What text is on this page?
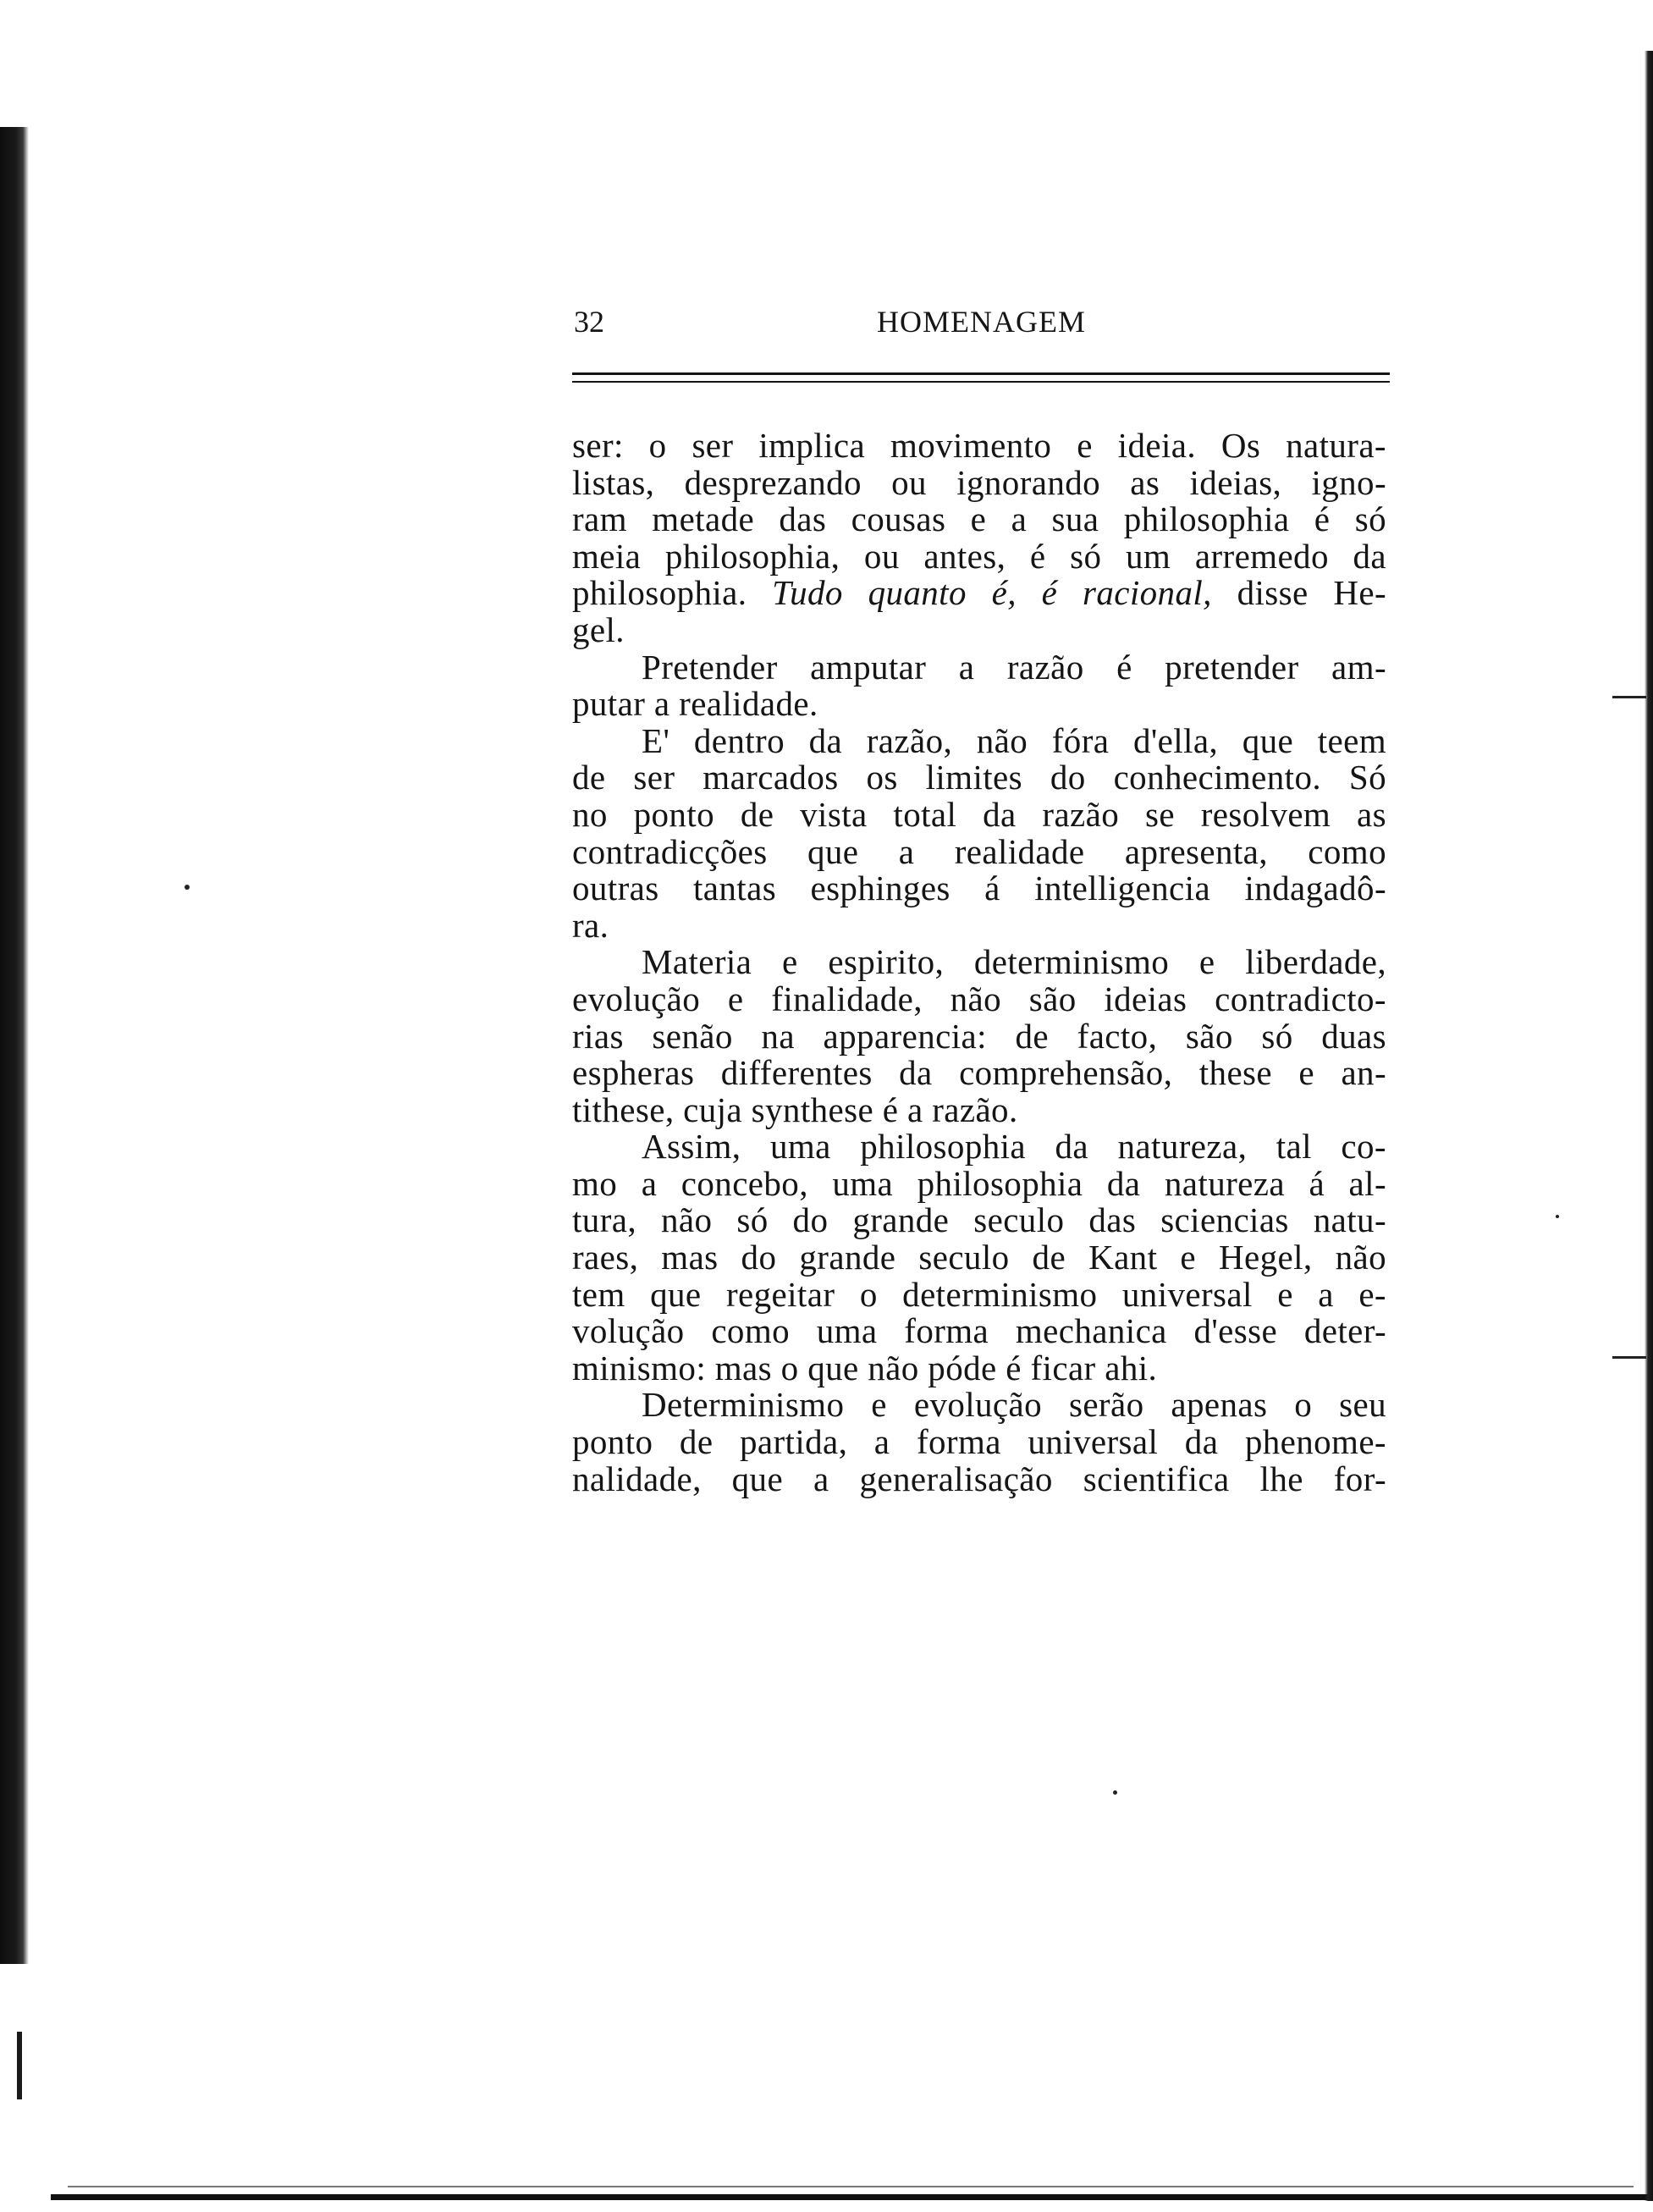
32	HOMENAGEM
ser: o ser implica movimento e ideia. Os natura-
listas, desprezando ou ignorando as ideias, igno-
ram metade das cousas e a sua philosophia é só
meia philosophia, ou antes, é só um arremedo da
philosophia. Tudo quanto é, é racional, disse He-
gel.
Pretender amputar a razão é pretender am-
putar a realidade.
E' dentro da razão, não fóra d'ella, que teem
de ser marcados os limites do conhecimento. Só
no ponto de vista total da razão se resolvem as
contradicções que a realidade apresenta, como
outras tantas esphinges á intelligencia indagadô-
ra.
Materia e espirito, determinismo e liberdade,
evolução e finalidade, não são ideias contradicto-
rias senão na apparencia: de facto, são só duas
espheras differentes da comprehensão, these e an-
tithese, cuja synthese é a razão.
Assim, uma philosophia da natureza, tal co-
mo a concebo, uma philosophia da natureza á al-
tura, não só do grande seculo das sciencias natu-
raes, mas do grande seculo de Kant e Hegel, não
tem que regeitar o determinismo universal e a e-
volução como uma forma mechanica d'esse deter-
minismo: mas o que não póde é ficar ahi.
Determinismo e evolução serão apenas o seu
ponto de partida, a forma universal da phenome-
nalidade, que a generalisação scientifica lhe for-
